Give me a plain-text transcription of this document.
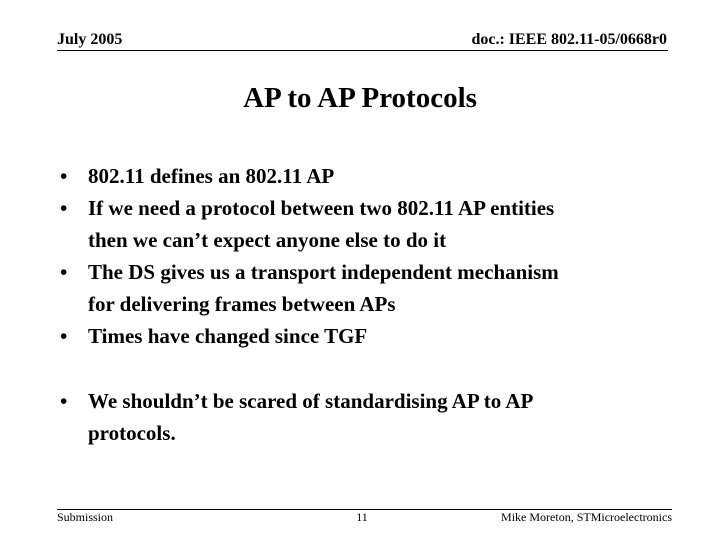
July 2005	doc.: IEEE 802.11-05/0668r0
AP to AP Protocols
• 802.11 defines an 802.11 AP
• If we need a protocol between two 802.11 AP entities
then we can’t expect anyone else to do it
• The DS gives us a transport independent mechanism
for delivering frames between APs
• Times have changed since TGF
• We shouldn’t be scared of standardising AP to AP
protocols.
Submission	11	Mike Moreton, STMicroelectronics
